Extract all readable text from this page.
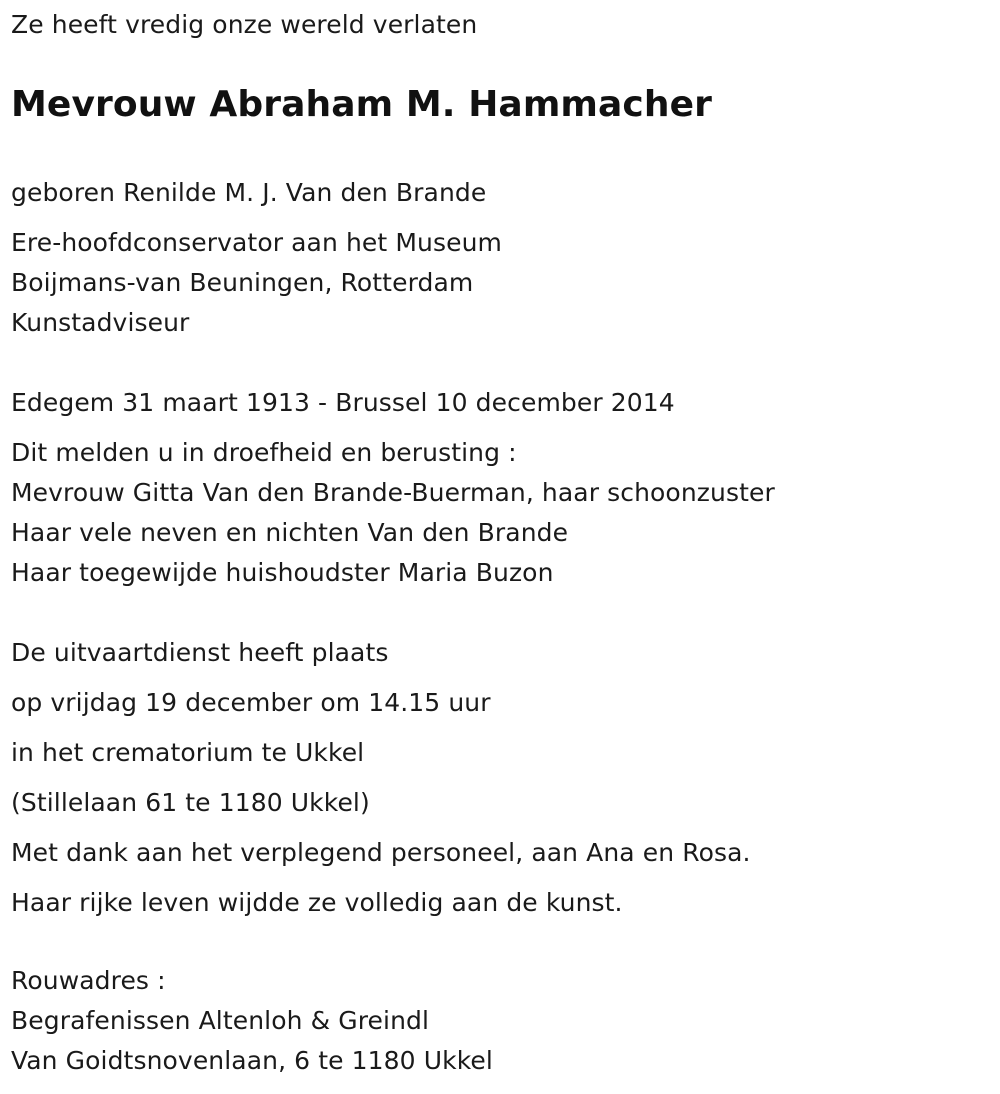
Ze heeft vredig onze wereld verlaten
Mevrouw Abraham M. Hammacher
geboren Renilde M. J. Van den Brande
Ere-hoofdconservator aan het Museum
Boijmans-van Beuningen, Rotterdam
Kunstadviseur
Edegem 31 maart 1913 - Brussel 10 december 2014
Dit melden u in droefheid en berusting :
Mevrouw Gitta Van den Brande-Buerman, haar schoonzuster
Haar vele neven en nichten Van den Brande
Haar toegewijde huishoudster Maria Buzon
De uitvaartdienst heeft plaats
op vrijdag 19 december om 14.15 uur
in het crematorium te Ukkel
(Stillelaan 61 te 1180 Ukkel)
Met dank aan het verplegend personeel, aan Ana en Rosa.
Haar rijke leven wijdde ze volledig aan de kunst.
Rouwadres :
Begrafenissen Altenloh & Greindl
Van Goidtsnovenlaan, 6 te 1180 Ukkel
